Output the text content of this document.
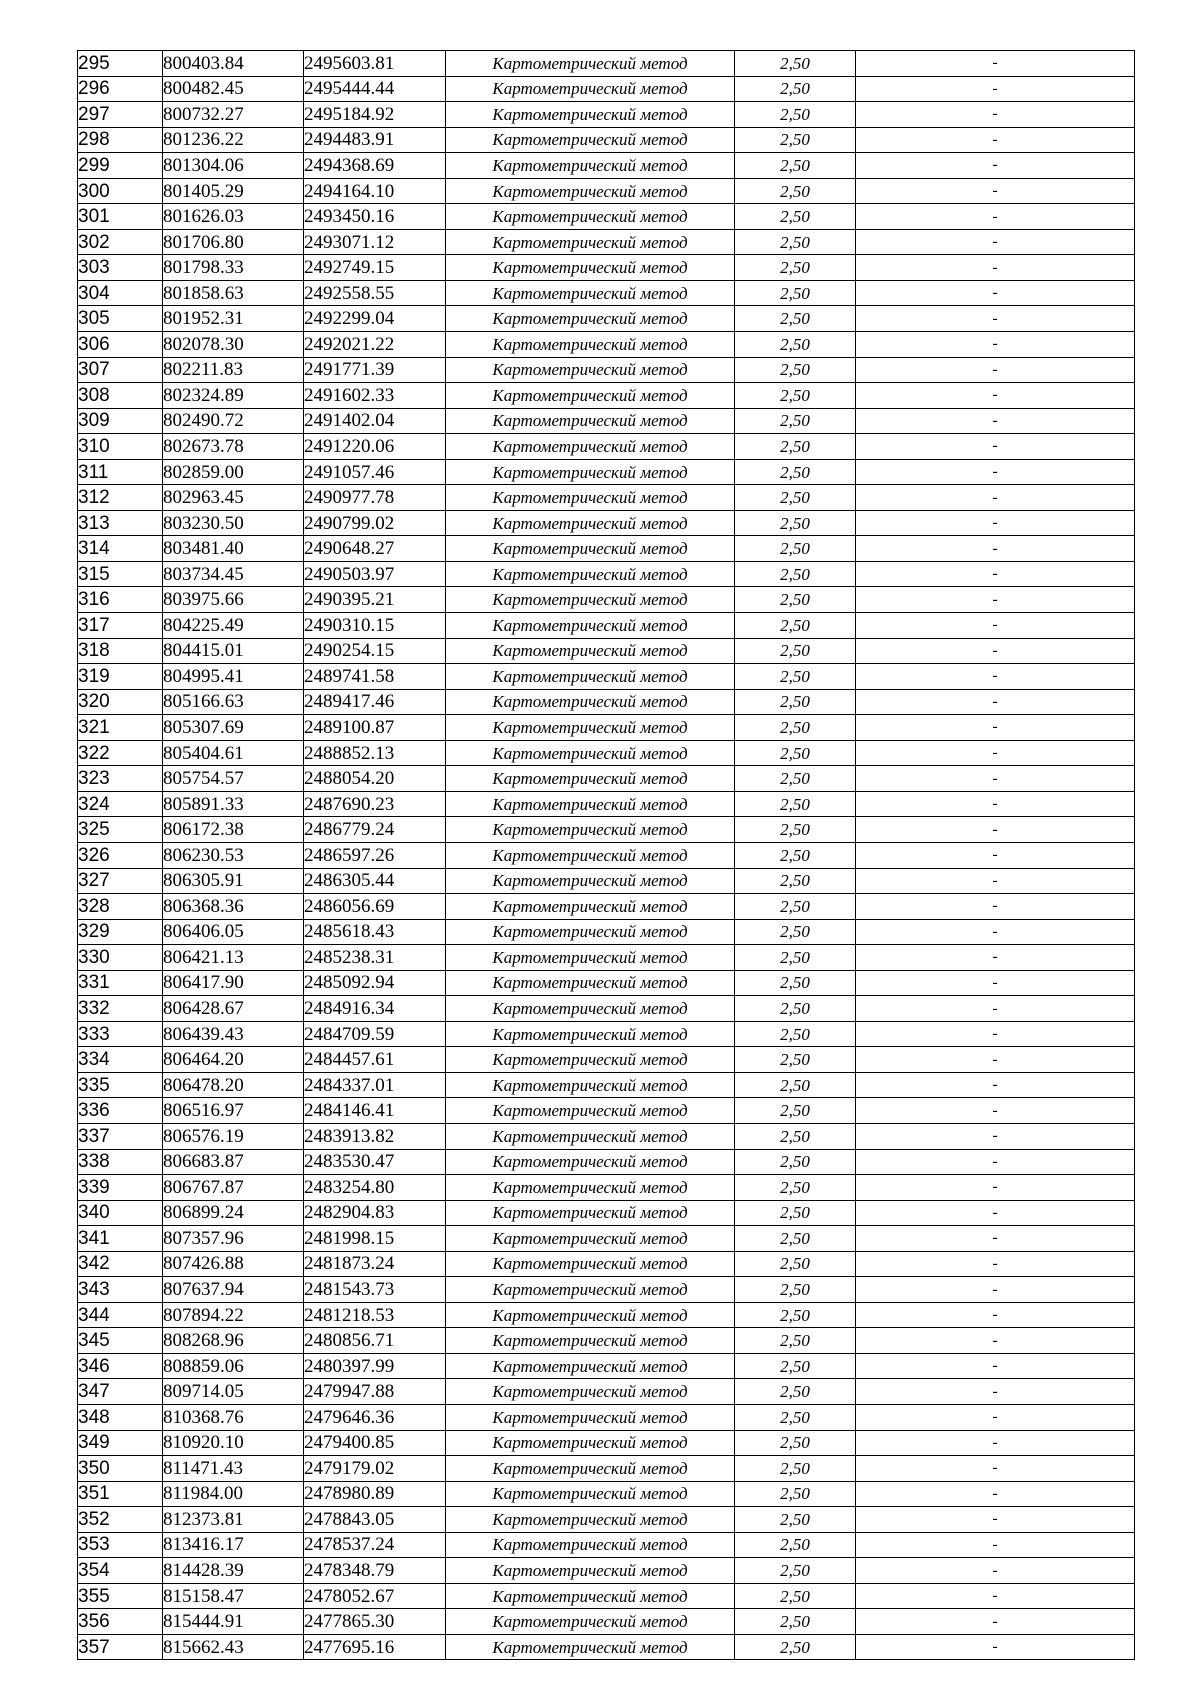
295	800403.84	2495603.81	Картометрический метод	2,50	-
296	800482.45	2495444.44	Картометрический метод	2,50	-
297	800732.27	2495184.92	Картометрический метод	2,50	-
298	801236.22	2494483.91	Картометрический метод	2,50	-
299	801304.06	2494368.69	Картометрический метод	2,50	-
300	801405.29	2494164.10	Картометрический метод	2,50	-
301	801626.03	2493450.16	Картометрический метод	2,50	-
302	801706.80	2493071.12	Картометрический метод	2,50	-
303	801798.33	2492749.15	Картометрический метод	2,50	-
304	801858.63	2492558.55	Картометрический метод	2,50	-
305	801952.31	2492299.04	Картометрический метод	2,50	-
306	802078.30	2492021.22	Картометрический метод	2,50	-
307	802211.83	2491771.39	Картометрический метод	2,50	-
308	802324.89	2491602.33	Картометрический метод	2,50	-
309	802490.72	2491402.04	Картометрический метод	2,50	-
310	802673.78	2491220.06	Картометрический метод	2,50	-
311	802859.00	2491057.46	Картометрический метод	2,50	-
312	802963.45	2490977.78	Картометрический метод	2,50	-
313	803230.50	2490799.02	Картометрический метод	2,50	-
314	803481.40	2490648.27	Картометрический метод	2,50	-
315	803734.45	2490503.97	Картометрический метод	2,50	-
316	803975.66	2490395.21	Картометрический метод	2,50	-
317	804225.49	2490310.15	Картометрический метод	2,50	-
318	804415.01	2490254.15	Картометрический метод	2,50	-
319	804995.41	2489741.58	Картометрический метод	2,50	-
320	805166.63	2489417.46	Картометрический метод	2,50	-
321	805307.69	2489100.87	Картометрический метод	2,50	-
322	805404.61	2488852.13	Картометрический метод	2,50	-
323	805754.57	2488054.20	Картометрический метод	2,50	-
324	805891.33	2487690.23	Картометрический метод	2,50	-
325	806172.38	2486779.24	Картометрический метод	2,50	-
326	806230.53	2486597.26	Картометрический метод	2,50	-
327	806305.91	2486305.44	Картометрический метод	2,50	-
328	806368.36	2486056.69	Картометрический метод	2,50	-
329	806406.05	2485618.43	Картометрический метод	2,50	-
330	806421.13	2485238.31	Картометрический метод	2,50	-
331	806417.90	2485092.94	Картометрический метод	2,50	-
332	806428.67	2484916.34	Картометрический метод	2,50	-
333	806439.43	2484709.59	Картометрический метод	2,50	-
334	806464.20	2484457.61	Картометрический метод	2,50	-
335	806478.20	2484337.01	Картометрический метод	2,50	-
336	806516.97	2484146.41	Картометрический метод	2,50	-
337	806576.19	2483913.82	Картометрический метод	2,50	-
338	806683.87	2483530.47	Картометрический метод	2,50	-
339	806767.87	2483254.80	Картометрический метод	2,50	-
340	806899.24	2482904.83	Картометрический метод	2,50	-
341	807357.96	2481998.15	Картометрический метод	2,50	-
342	807426.88	2481873.24	Картометрический метод	2,50	-
343	807637.94	2481543.73	Картометрический метод	2,50	-
344	807894.22	2481218.53	Картометрический метод	2,50	-
345	808268.96	2480856.71	Картометрический метод	2,50	-
346	808859.06	2480397.99	Картометрический метод	2,50	-
347	809714.05	2479947.88	Картометрический метод	2,50	-
348	810368.76	2479646.36	Картометрический метод	2,50	-
349	810920.10	2479400.85	Картометрический метод	2,50	-
350	811471.43	2479179.02	Картометрический метод	2,50	-
351	811984.00	2478980.89	Картометрический метод	2,50	-
352	812373.81	2478843.05	Картометрический метод	2,50	-
353	813416.17	2478537.24	Картометрический метод	2,50	-
354	814428.39	2478348.79	Картометрический метод	2,50	-
355	815158.47	2478052.67	Картометрический метод	2,50	-
356	815444.91	2477865.30	Картометрический метод	2,50	-
357	815662.43	2477695.16	Картометрический метод	2,50	-
